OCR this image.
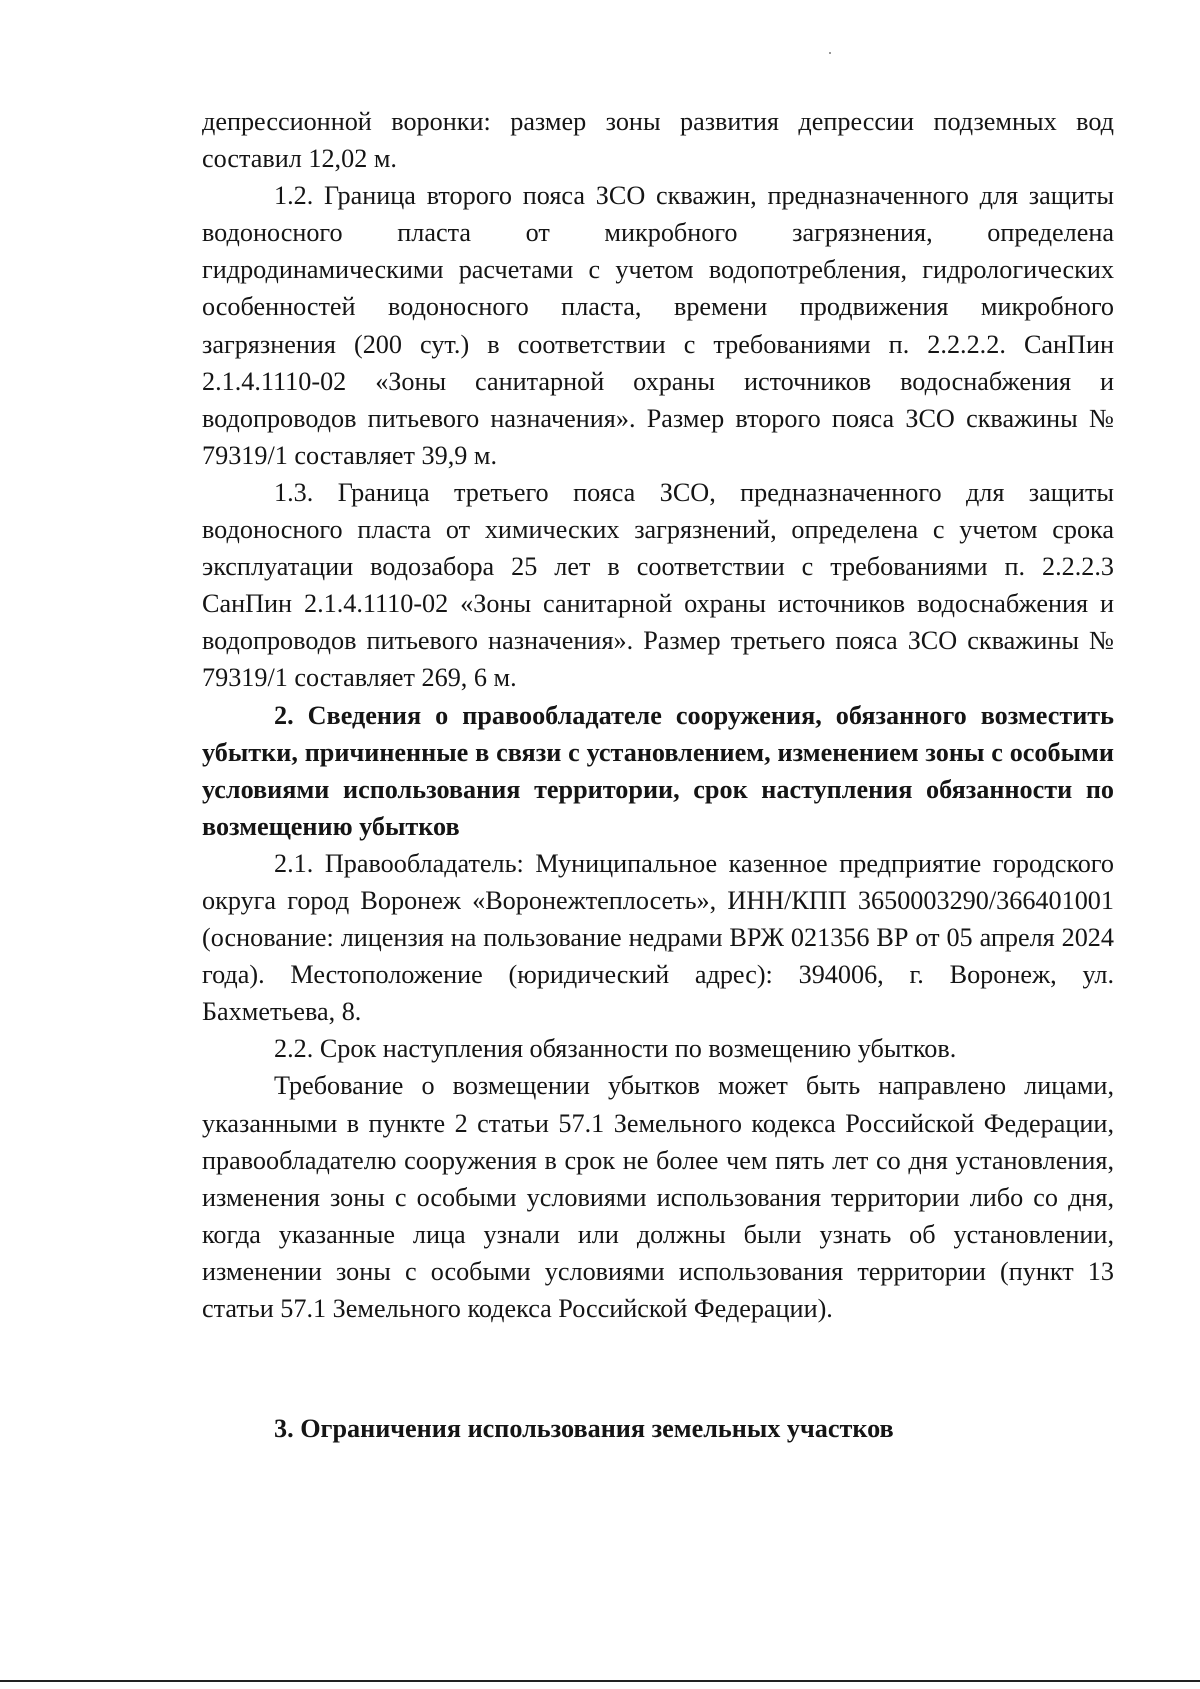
депрессионной воронки: размер зоны развития депрессии подземных вод составил 12,02 м.

1.2. Граница второго пояса ЗСО скважин, предназначенного для защиты водоносного пласта от микробного загрязнения, определена гидродинамическими расчетами с учетом водопотребления, гидрологических особенностей водоносного пласта, времени продвижения микробного загрязнения (200 сут.) в соответствии с требованиями п. 2.2.2.2. СанПин 2.1.4.1110-02 «Зоны санитарной охраны источников водоснабжения и водопроводов питьевого назначения». Размер второго пояса ЗСО скважины № 79319/1 составляет 39,9 м.

1.3. Граница третьего пояса ЗСО, предназначенного для защиты водоносного пласта от химических загрязнений, определена с учетом срока эксплуатации водозабора 25 лет в соответствии с требованиями п. 2.2.2.3 СанПин 2.1.4.1110-02 «Зоны санитарной охраны источников водоснабжения и водопроводов питьевого назначения». Размер третьего пояса ЗСО скважины № 79319/1 составляет 269, 6 м.

2. Сведения о правообладателе сооружения, обязанного возместить убытки, причиненные в связи с установлением, изменением зоны с особыми условиями использования территории, срок наступления обязанности по возмещению убытков

2.1. Правообладатель: Муниципальное казенное предприятие городского округа город Воронеж «Воронежтеплосеть», ИНН/КПП 3650003290/366401001 (основание: лицензия на пользование недрами ВРЖ 021356 ВР от 05 апреля 2024 года). Местоположение (юридический адрес): 394006, г. Воронеж, ул. Бахметьева, 8.

2.2. Срок наступления обязанности по возмещению убытков.

Требование о возмещении убытков может быть направлено лицами, указанными в пункте 2 статьи 57.1 Земельного кодекса Российской Федерации, правообладателю сооружения в срок не более чем пять лет со дня установления, изменения зоны с особыми условиями использования территории либо со дня, когда указанные лица узнали или должны были узнать об установлении, изменении зоны с особыми условиями использования территории (пункт 13 статьи 57.1 Земельного кодекса Российской Федерации).

3. Ограничения использования земельных участков
